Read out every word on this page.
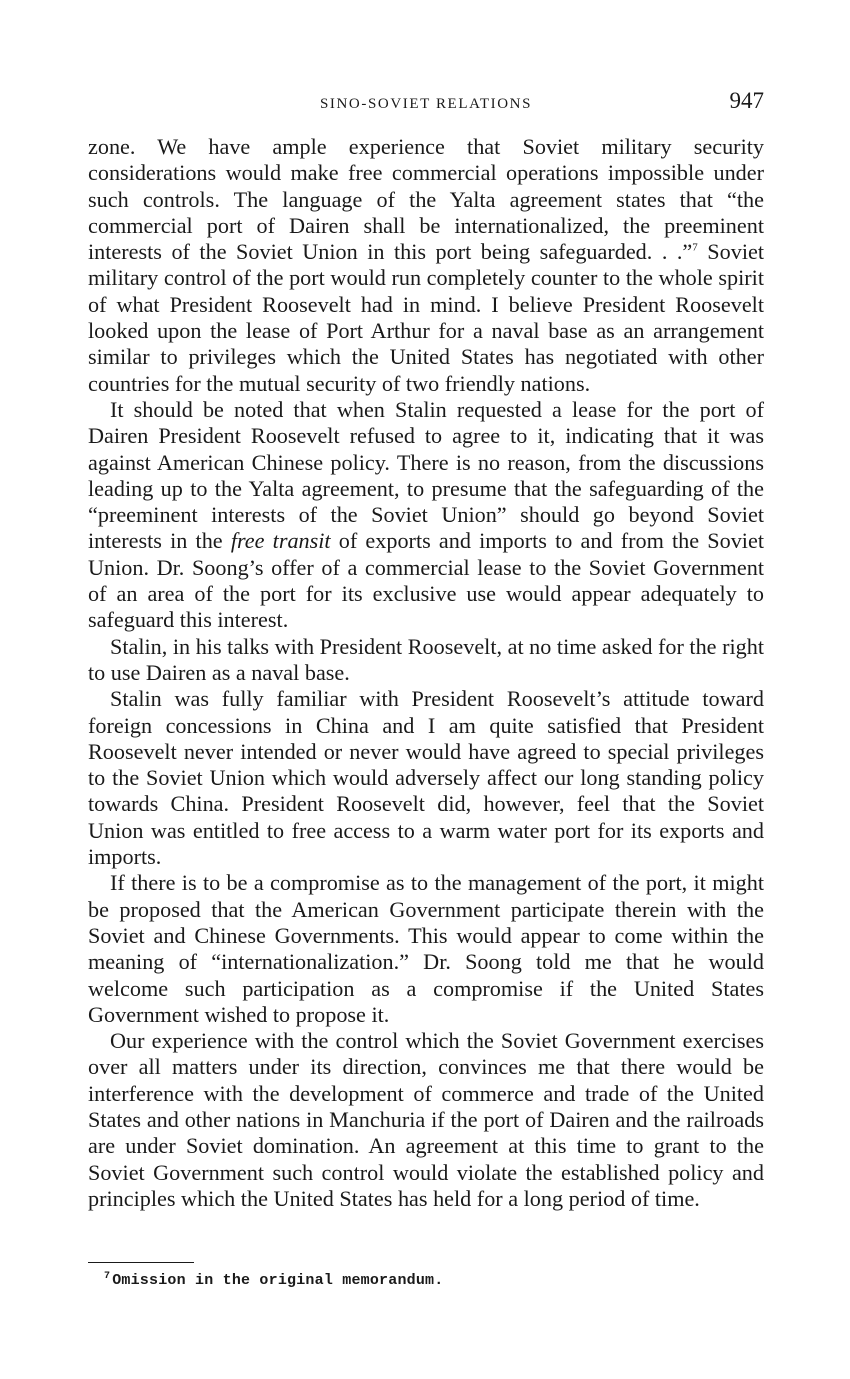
SINO-SOVIET RELATIONS	947

zone. We have ample experience that Soviet military security considerations would make free commercial operations impossible under such controls. The language of the Yalta agreement states that “the commercial port of Dairen shall be internationalized, the preeminent interests of the Soviet Union in this port being safeguarded. . .”$^7$ Soviet military control of the port would run completely counter to the whole spirit of what President Roosevelt had in mind. I believe President Roosevelt looked upon the lease of Port Arthur for a naval base as an arrangement similar to privileges which the United States has negotiated with other countries for the mutual security of two friendly nations.

It should be noted that when Stalin requested a lease for the port of Dairen President Roosevelt refused to agree to it, indicating that it was against American Chinese policy. There is no reason, from the discussions leading up to the Yalta agreement, to presume that the safeguarding of the “preeminent interests of the Soviet Union” should go beyond Soviet interests in the free transit of exports and imports to and from the Soviet Union. Dr. Soong’s offer of a commercial lease to the Soviet Government of an area of the port for its exclusive use would appear adequately to safeguard this interest.

Stalin, in his talks with President Roosevelt, at no time asked for the right to use Dairen as a naval base.

Stalin was fully familiar with President Roosevelt’s attitude toward foreign concessions in China and I am quite satisfied that President Roosevelt never intended or never would have agreed to special privileges to the Soviet Union which would adversely affect our long standing policy towards China. President Roosevelt did, however, feel that the Soviet Union was entitled to free access to a warm water port for its exports and imports.

If there is to be a compromise as to the management of the port, it might be proposed that the American Government participate therein with the Soviet and Chinese Governments. This would appear to come within the meaning of “internationalization.” Dr. Soong told me that he would welcome such participation as a compromise if the United States Government wished to propose it.

Our experience with the control which the Soviet Government exercises over all matters under its direction, convinces me that there would be interference with the development of commerce and trade of the United States and other nations in Manchuria if the port of Dairen and the railroads are under Soviet domination. An agreement at this time to grant to the Soviet Government such control would violate the established policy and principles which the United States has held for a long period of time.

$^7$ Omission in the original memorandum.
